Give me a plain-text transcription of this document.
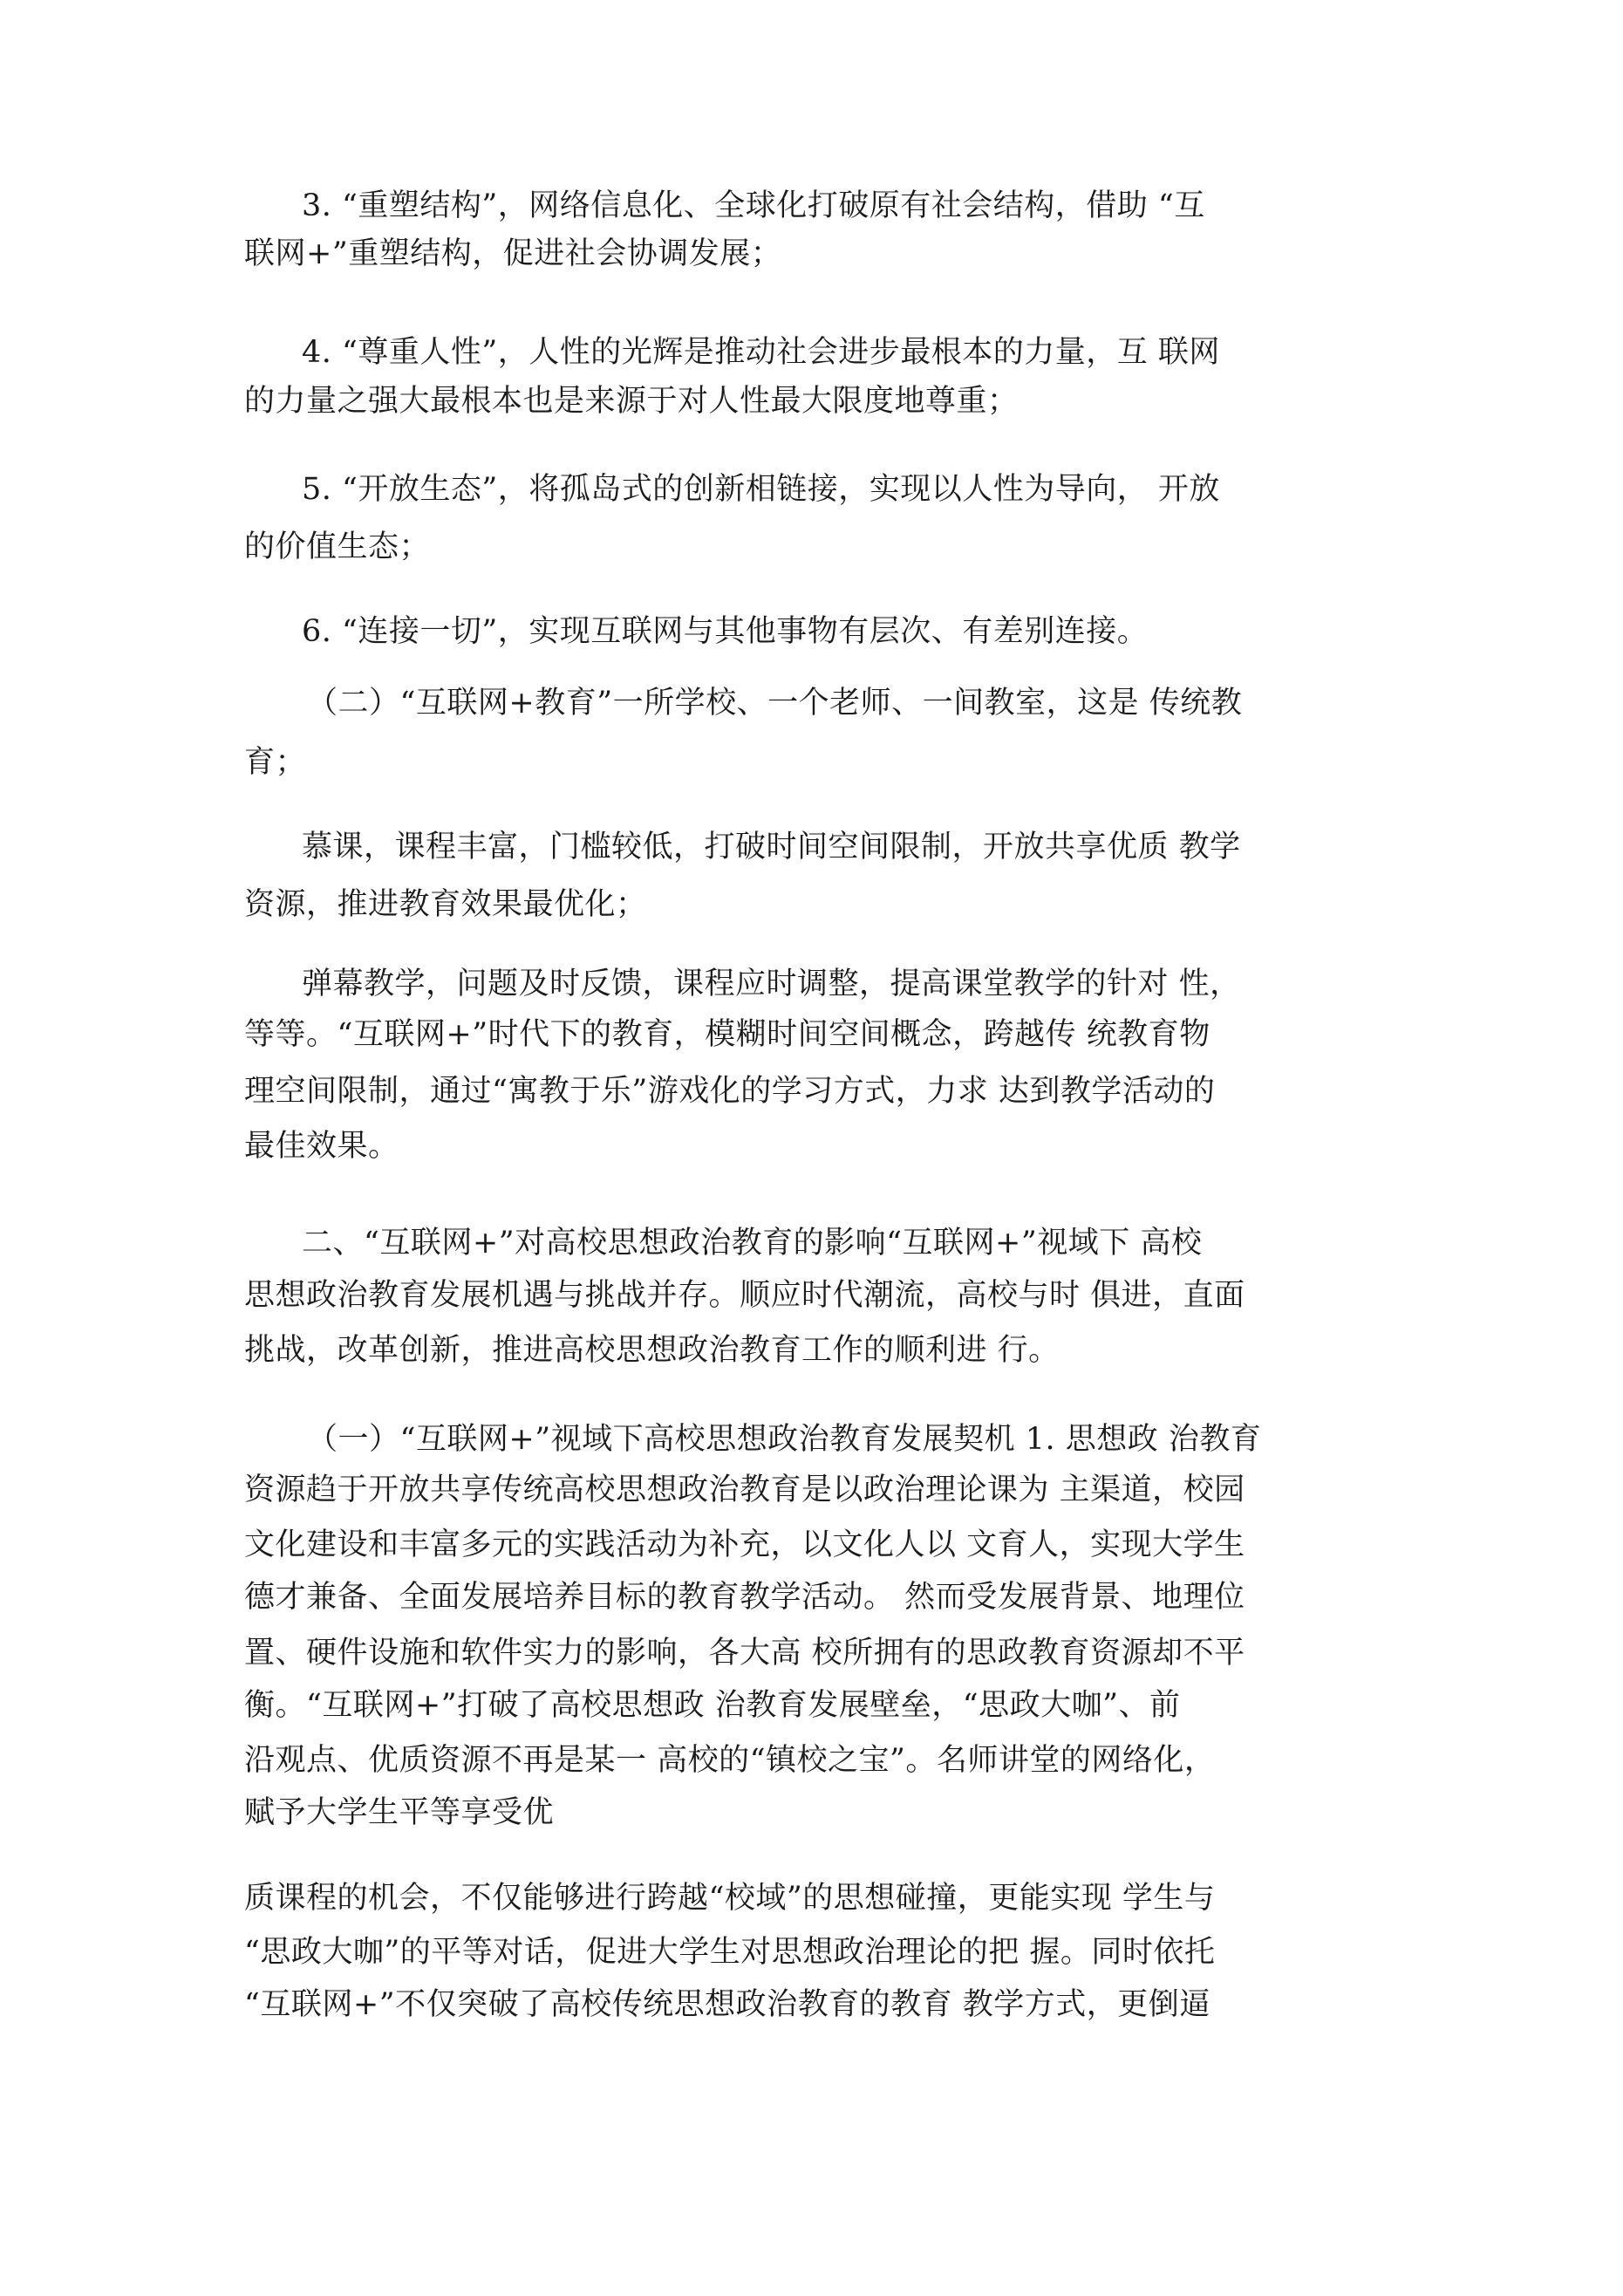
3. “重塑结构”，网络信息化、全球化打破原有社会结构，借助 “互

联网+”重塑结构，促进社会协调发展；

4. “尊重人性”，人性的光辉是推动社会进步最根本的力量，互 联网

的力量之强大最根本也是来源于对人性最大限度地尊重；

5. “开放生态”，将孤岛式的创新相链接，实现以人性为导向， 开放

的价值生态；

6. “连接一切”，实现互联网与其他事物有层次、有差别连接。

（二）“互联网+教育”一所学校、一个老师、一间教室，这是 传统教

育；

慕课，课程丰富，门槛较低，打破时间空间限制，开放共享优质 教学

资源，推进教育效果最优化；

弹幕教学，问题及时反馈，课程应时调整，提高课堂教学的针对 性，

等等。“互联网+”时代下的教育，模糊时间空间概念，跨越传 统教育物

理空间限制，通过“寓教于乐”游戏化的学习方式，力求 达到教学活动的

最佳效果。

二、“互联网+”对高校思想政治教育的影响“互联网+”视域下 高校

思想政治教育发展机遇与挑战并存。顺应时代潮流，高校与时 俱进，直面

挑战，改革创新，推进高校思想政治教育工作的顺利进 行。

（一）“互联网+”视域下高校思想政治教育发展契机 1. 思想政 治教育

资源趋于开放共享传统高校思想政治教育是以政治理论课为 主渠道，校园

文化建设和丰富多元的实践活动为补充，以文化人以 文育人，实现大学生

德才兼备、全面发展培养目标的教育教学活动。 然而受发展背景、地理位

置、硬件设施和软件实力的影响，各大高 校所拥有的思政教育资源却不平

衡。“互联网+”打破了高校思想政 治教育发展壁垒，“思政大咖”、前

沿观点、优质资源不再是某一 高校的“镇校之宝”。名师讲堂的网络化，

赋予大学生平等享受优

质课程的机会，不仅能够进行跨越“校域”的思想碰撞，更能实现 学生与

“思政大咖”的平等对话，促进大学生对思想政治理论的把 握。同时依托

“互联网+”不仅突破了高校传统思想政治教育的教育 教学方式，更倒逼
